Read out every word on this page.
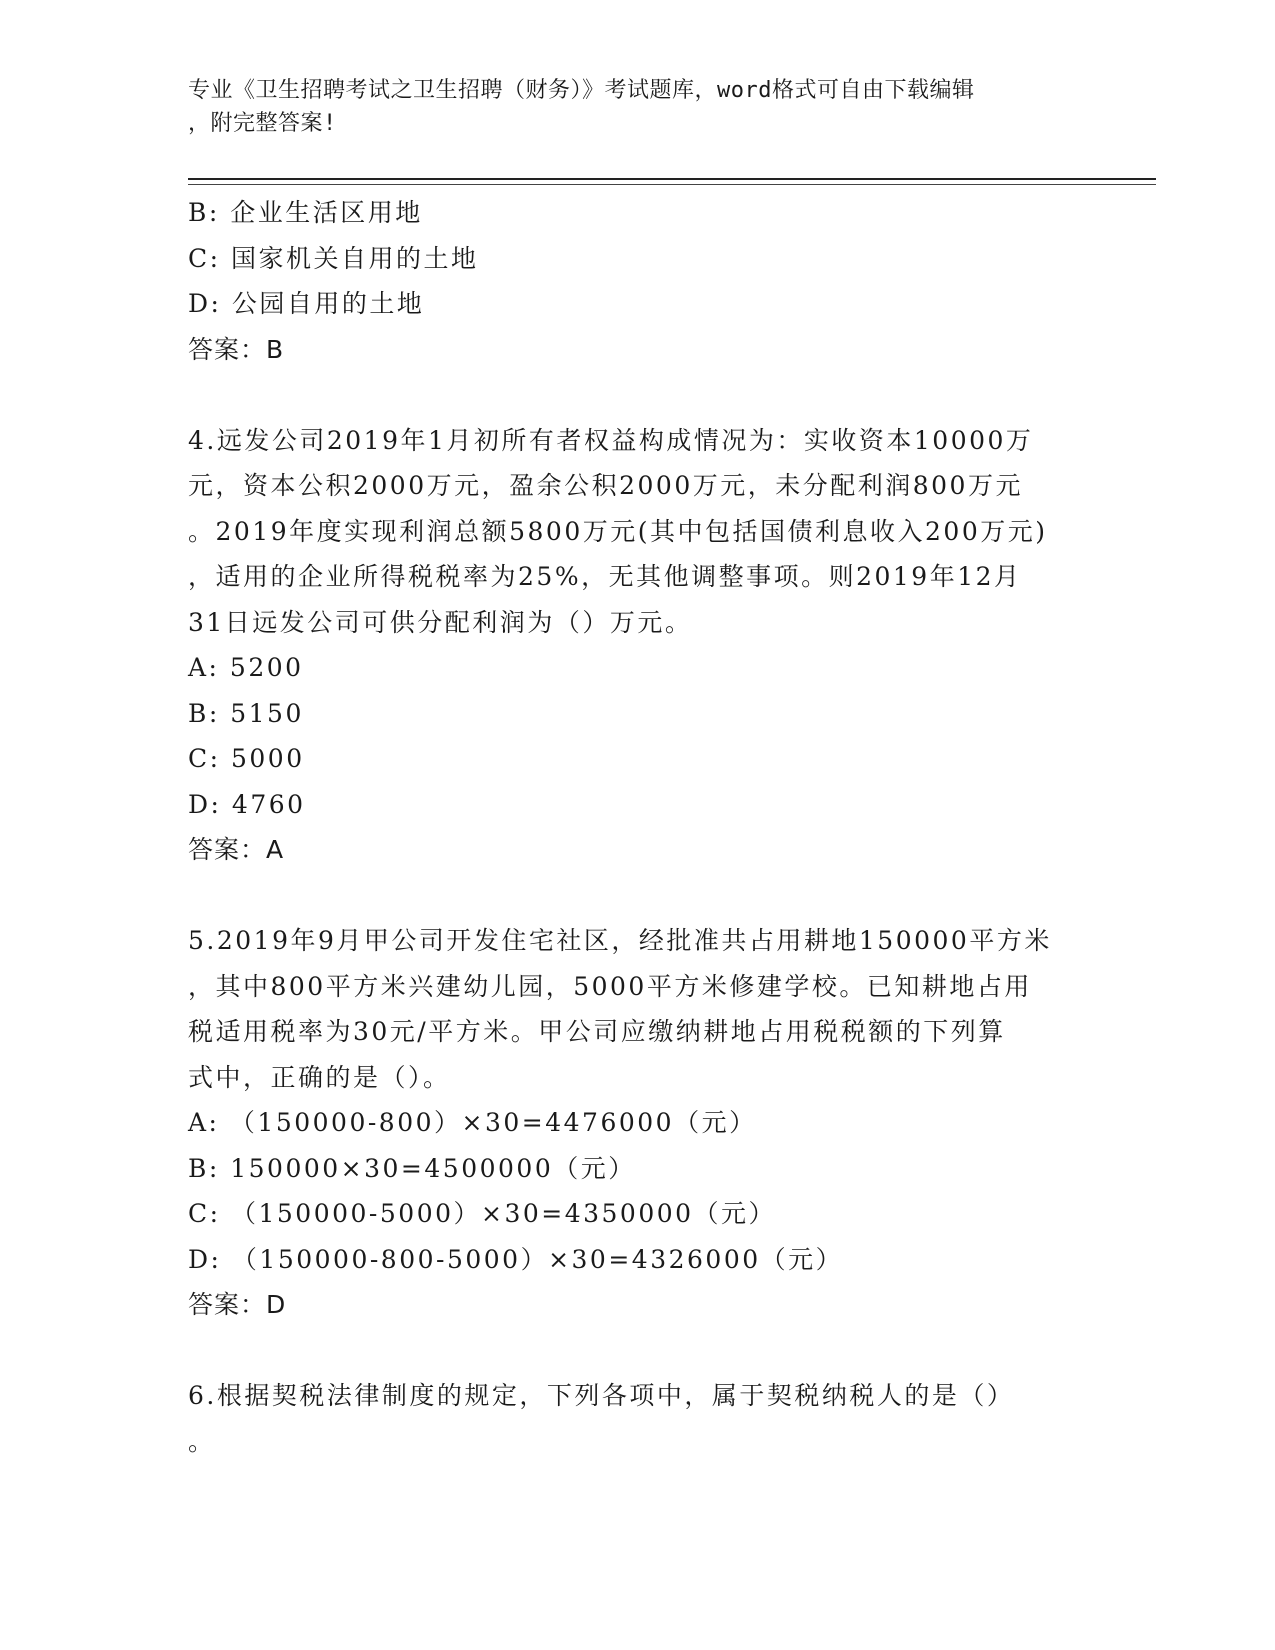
专业《卫生招聘考试之卫生招聘（财务）》考试题库，word格式可自由下载编辑
，附完整答案!
B: 企业生活区用地
C: 国家机关自用的土地
D: 公园自用的土地
答案：B
4.远发公司2019年1月初所有者权益构成情况为：实收资本10000万
元，资本公积2000万元，盈余公积2000万元，未分配利润800万元
。2019年度实现利润总额5800万元(其中包括国债利息收入200万元)
，适用的企业所得税税率为25%，无其他调整事项。则2019年12月
31日远发公司可供分配利润为（）万元。
A: 5200
B: 5150
C: 5000
D: 4760
答案：A
5.2019年9月甲公司开发住宅社区，经批准共占用耕地150000平方米
，其中800平方米兴建幼儿园，5000平方米修建学校。已知耕地占用
税适用税率为30元/平方米。甲公司应缴纳耕地占用税税额的下列算
式中，正确的是（）。
A: （150000-800）×30=4476000（元）
B: 150000×30=4500000（元）
C: （150000-5000）×30=4350000（元）
D: （150000-800-5000）×30=4326000（元）
答案：D
6.根据契税法律制度的规定，下列各项中，属于契税纳税人的是（）
。
